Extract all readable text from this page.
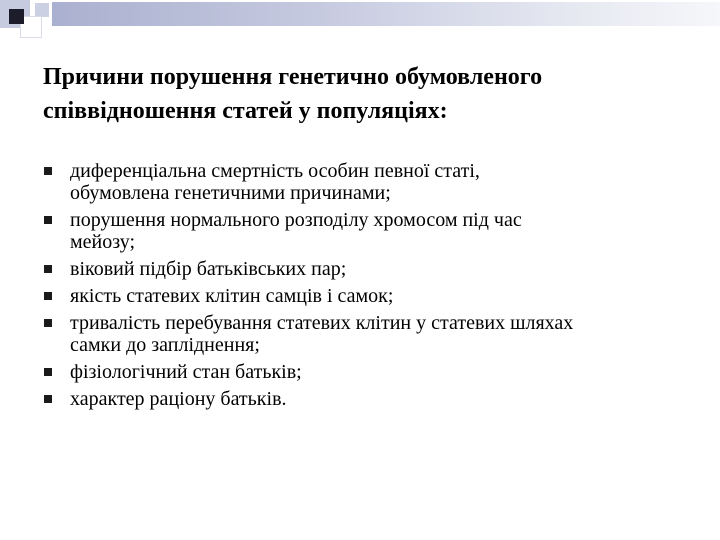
Причини порушення генетично обумовленого
співвідношення статей у популяціях:
диференціальна смертність особин певної статі,
обумовлена генетичними причинами;
порушення нормального розподілу хромосом під час
мейозу;
віковий підбір батьківських пар;
якість статевих клітин самців і самок;
тривалість перебування статевих клітин у статевих шляхах
самки до запліднення;
фізіологічний стан батьків;
характер раціону батьків.
